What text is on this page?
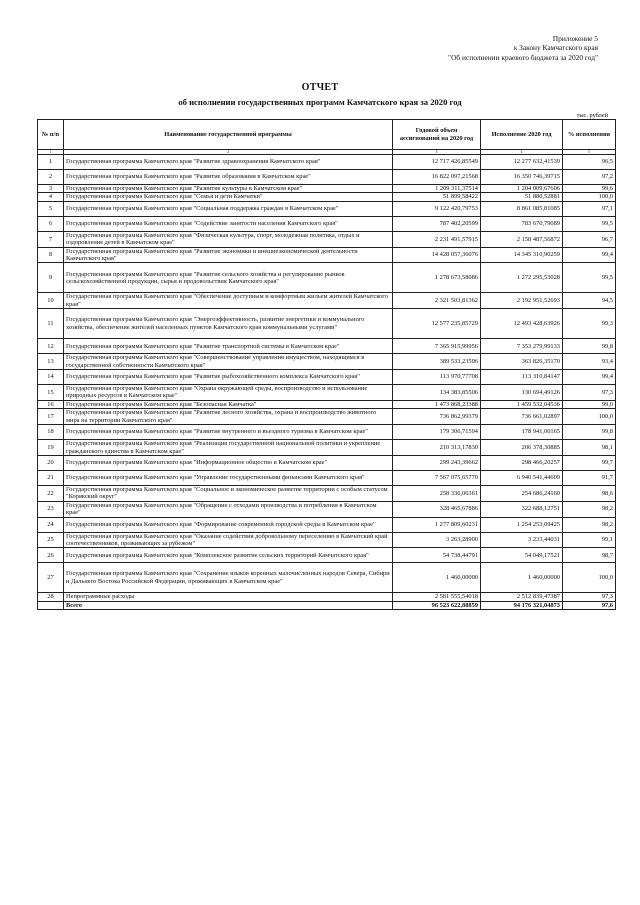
Приложение 5
к Закону Камчатского края
"Об исполнении краевого бюджета за 2020 год"
ОТЧЕТ
об исполнении государственных программ Камчатского края за 2020 год
тыс. рублей
№ п/п	Наименование государственной программы	Годовой объем ассигнований на 2020 год	Исполнение 2020 год	% исполнения
1	2	3	4	5
1	Государственная программа Камчатского края "Развитие здравоохранения Камчатского края"	12 717 426,85549	12 277 632,41539	96,5
2	Государственная программа Камчатского края "Развитие образования в Камчатском крае"	16 822 097,21568	16 350 746,39715	97,2
3	Государственная программа Камчатского края "Развитие культуры в Камчатском крае"	1 209 311,37514	1 204 009,67606	99,6
4	Государственная программа Камчатского края "Семья и дети Камчатки"	51 899,58422	51 880,52881	100,0
5	Государственная программа Камчатского края "Социальная поддержка граждан в Камчатском крае"	9 122 420,79753	8 861 085,81085	97,1
6	Государственная программа Камчатского края "Содействие занятости населения Камчатского края"	787 402,20599	783 670,79089	99,5
7	Государственная программа Камчатского края "Физическая культура, спорт, молодежная политика, отдых и оздоровление детей в Камчатском крае"	2 231 491,57915	2 158 487,56872	96,7
8	Государственная программа Камчатского края "Развитие экономики и внешнеэкономической деятельности Камчатского края"	14 428 057,36076	14 345 310,90259	99,4
9	Государственная программа Камчатского края "Развитие сельского хозяйства и регулирование рынков сельскохозяйственной продукции, сырья и продовольствия Камчатского края"	1 278 673,58086	1 272 295,53028	99,5
10	Государственная программа Камчатского края "Обеспечение доступным и комфортным жильем жителей Камчатского края"	2 321 503,81362	2 192 951,52693	94,5
11	Государственная программа Камчатского края "Энергоэффективность, развитие энергетики и коммунального хозяйства, обеспечение жителей населенных пунктов Камчатского края коммунальными услугами"	12 577 235,85729	12 493 428,63926	99,3
12	Государственная программа Камчатского края "Развитие транспортной системы в Камчатском крае"	7 365 915,99956	7 353 279,99133	99,8
13	Государственная программа Камчатского края "Совершенствование управления имуществом, находящимся в государственной собственности Камчатского края"	389 533,23506	363 826,35170	93,4
14	Государственная программа Камчатского края "Развитие рыбохозяйственного комплекса Камчатского края"	113 970,77708	113 310,84147	99,4
15	Государственная программа Камчатского края "Охрана окружающей среды, воспроизводство и использование природных ресурсов в Камчатском крае"	134 383,85506	130 694,49126	97,3
16	Государственная программа Камчатского края "Безопасная Камчатка"	1 473 868,23388	1 459 532,04536	99,0
17	Государственная программа Камчатского края "Развитие лесного хозяйства, охрана и воспроизводство животного мира на территории Камчатского края"	736 862,99379	736 661,02897	100,0
18	Государственная программа Камчатского края "Развитие внутреннего и въездного туризма в Камчатском крае"	179 306,71594	178 941,00165	99,8
19	Государственная программа Камчатского края "Реализация государственной национальной политики и укрепление гражданского единства в Камчатском крае"	210 313,17830	206 378,30885	98,1
20	Государственная программа Камчатского края "Информационное общество в Камчатском крае"	299 243,39662	298 466,20257	99,7
21	Государственная программа Камчатского края "Управление государственными финансами Камчатского края"	7 567 075,65770	6 940 541,44609	91,7
22	Государственная программа Камчатского края "Социальное и экономическое развитие территории с особым статусом "Корякский округ"	258 336,06361	254 686,24160	98,6
23	Государственная программа Камчатского края "Обращение с отходами производства и потребления в Камчатском крае"	328 465,67886	322 688,12751	98,2
24	Государственная программа Камчатского края "Формирование современной городской среды в Камчатском крае"	1 277 809,60231	1 254 253,09425	98,2
25	Государственная программа Камчатского края "Оказание содействия добровольному переселению в Камчатский край соотечественников, проживающих за рубежом"	3 263,28900	3 233,44031	99,1
26	Государственная программа Камчатского края "Комплексное развитие сельских территорий Камчатского края"	54 738,44791	54 049,17521	98,7
27	Государственная программа Камчатского края "Сохранение языков коренных малочисленных народов Севера, Сибири и Дальнего Востока Российской Федерации, проживающих в Камчатском крае"	1 460,00000	1 460,00000	100,0
28	Непрограммные расходы	2 581 555,54018	2 512 839,47387	97,3
	Всего	96 523 622,88859	94 176 321,04873	97,6
